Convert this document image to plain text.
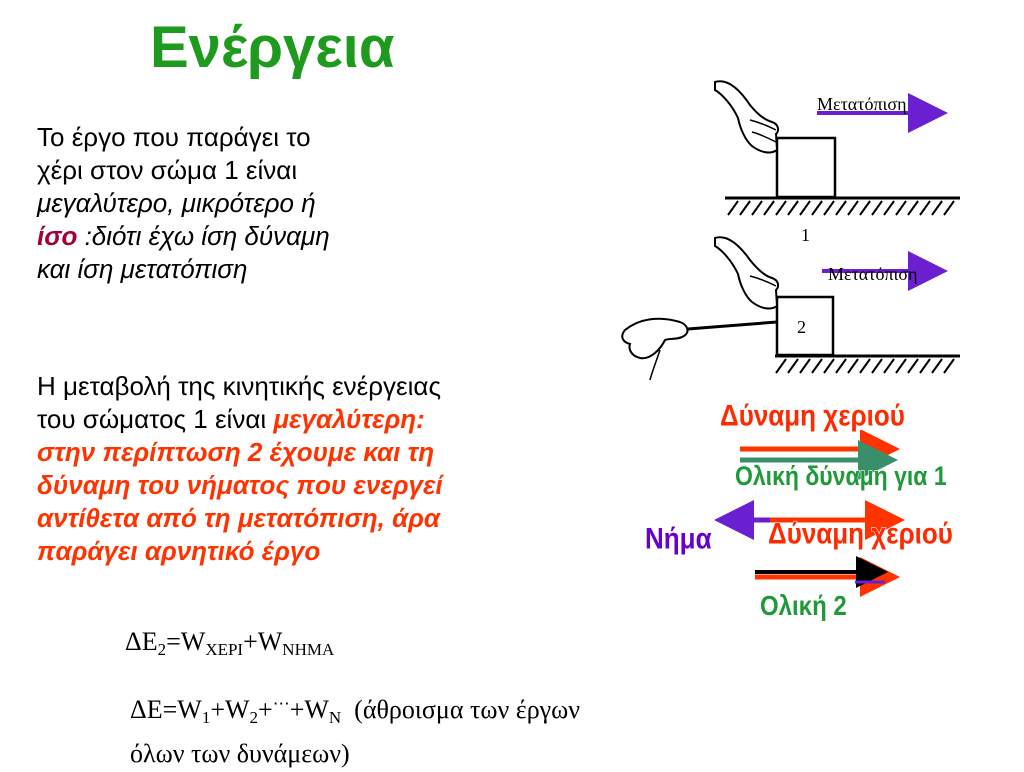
Ενέργεια
Το έργο που παράγει το
χέρι στον σώμα 1 είναι
μεγαλύτερο, μικρότερο ή
ίσο :διότι έχω ίση δύναμη
και ίση μετατόπιση
Η μεταβολή της κινητικής ενέργειας
του σώματος 1 είναι μεγαλύτερη:
στην περίπτωση 2 έχουμε και τη
δύναμη του νήματος που ενεργεί
αντίθετα από τη μετατόπιση, άρα
παράγει αρνητικό έργο
$\Delta E_2=W_{XEPI}+W_{NHMA}$
$\Delta E=W_1+W_2+^\cdots+W_N$ (άθροισμα των έργων
όλων των δυνάμεων)
1
2
Μετατόπιση
Μετατόπιση
Δύναμη χεριού
Ολική δύναμη για 1
Νήμα Δύναμη χεριού
Ολική 2
